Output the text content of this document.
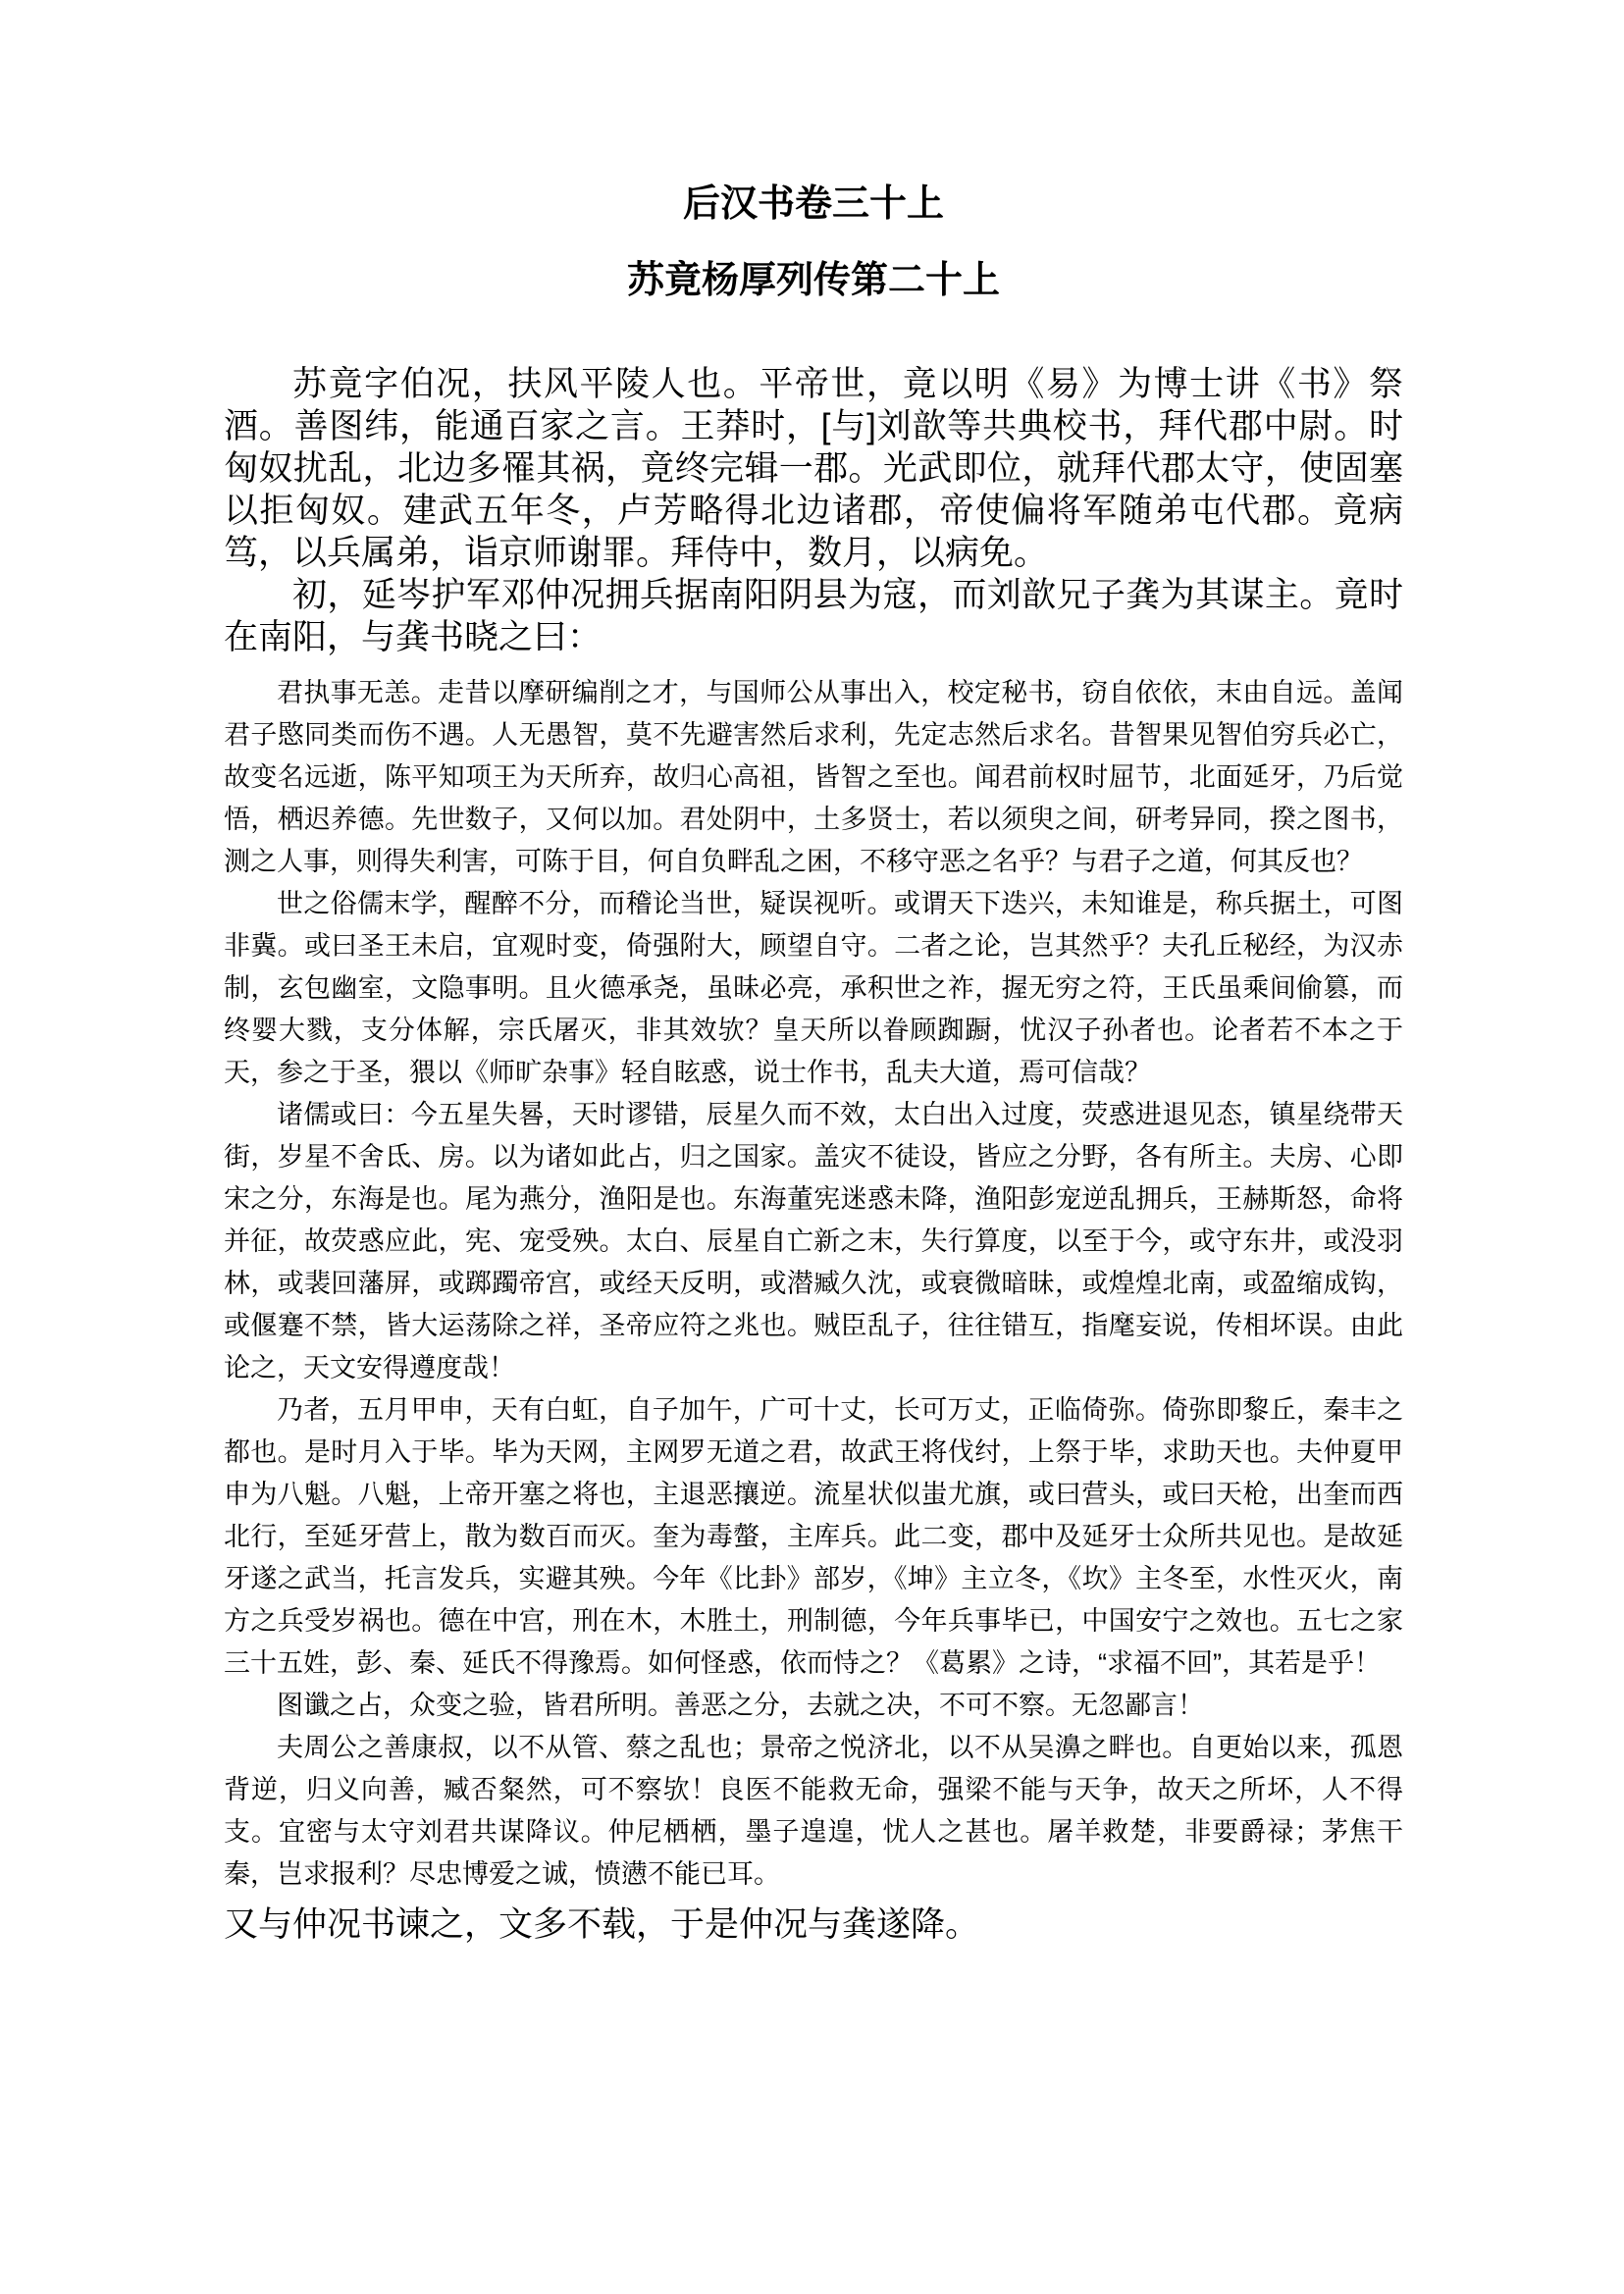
后汉书卷三十上
苏竟杨厚列传第二十上

苏竟字伯况，扶风平陵人也。平帝世，竟以明《易》为博士讲《书》祭酒。善图纬，能通百家之言。王莽时，[与]刘歆等共典校书，拜代郡中尉。时匈奴扰乱，北边多罹其祸，竟终完辑一郡。光武即位，就拜代郡太守，使固塞以拒匈奴。建武五年冬，卢芳略得北边诸郡，帝使偏将军随弟屯代郡。竟病笃，以兵属弟，诣京师谢罪。拜侍中，数月，以病免。

初，延岑护军邓仲况拥兵据南阳阴县为寇，而刘歆兄子龚为其谋主。竟时在南阳，与龚书晓之曰：

君执事无恙。走昔以摩研编削之才，与国师公从事出入，校定秘书，窃自依依，末由自远。盖闻君子愍同类而伤不遇。人无愚智，莫不先避害然后求利，先定志然后求名。昔智果见智伯穷兵必亡，故变名远逝，陈平知项王为天所弃，故归心高祖，皆智之至也。闻君前权时屈节，北面延牙，乃后觉悟，栖迟养德。先世数子，又何以加。君处阴中，土多贤士，若以须臾之间，研考异同，揆之图书，测之人事，则得失利害，可陈于目，何自负畔乱之困，不移守恶之名乎？与君子之道，何其反也？

世之俗儒末学，醒醉不分，而稽论当世，疑误视听。或谓天下迭兴，未知谁是，称兵据土，可图非冀。或曰圣王未启，宜观时变，倚强附大，顾望自守。二者之论，岂其然乎？夫孔丘秘经，为汉赤制，玄包幽室，文隐事明。且火德承尧，虽昧必亮，承积世之祚，握无穷之符，王氏虽乘间偷篡，而终婴大戮，支分体解，宗氏屠灭，非其效欤？皇天所以眷顾踟蹰，忧汉子孙者也。论者若不本之于天，参之于圣，猥以《师旷杂事》轻自眩惑，说士作书，乱夫大道，焉可信哉？

诸儒或曰：今五星失晷，天时谬错，辰星久而不效，太白出入过度，荧惑进退见态，镇星绕带天街，岁星不舍氐、房。以为诸如此占，归之国家。盖灾不徒设，皆应之分野，各有所主。夫房、心即宋之分，东海是也。尾为燕分，渔阳是也。东海董宪迷惑未降，渔阳彭宠逆乱拥兵，王赫斯怒，命将并征，故荧惑应此，宪、宠受殃。太白、辰星自亡新之末，失行算度，以至于今，或守东井，或没羽林，或裴回藩屏，或踯躅帝宫，或经天反明，或潜臧久沈，或衰微暗昧，或煌煌北南，或盈缩成钩，或偃蹇不禁，皆大运荡除之祥，圣帝应符之兆也。贼臣乱子，往往错互，指麾妄说，传相坏误。由此论之，天文安得遵度哉！

乃者，五月甲申，天有白虹，自子加午，广可十丈，长可万丈，正临倚弥。倚弥即黎丘，秦丰之都也。是时月入于毕。毕为天网，主网罗无道之君，故武王将伐纣，上祭于毕，求助天也。夫仲夏甲申为八魁。八魁，上帝开塞之将也，主退恶攘逆。流星状似蚩尤旗，或曰营头，或曰天枪，出奎而西北行，至延牙营上，散为数百而灭。奎为毒螫，主库兵。此二变，郡中及延牙士众所共见也。是故延牙遂之武当，托言发兵，实避其殃。今年《比卦》部岁，《坤》主立冬，《坎》主冬至，水性灭火，南方之兵受岁祸也。德在中宫，刑在木，木胜土，刑制德，今年兵事毕已，中国安宁之效也。五七之家三十五姓，彭、秦、延氏不得豫焉。如何怪惑，依而恃之？《葛累》之诗，“求福不回”，其若是乎！

图谶之占，众变之验，皆君所明。善恶之分，去就之决，不可不察。无忽鄙言！

夫周公之善康叔，以不从管、蔡之乱也；景帝之悦济北，以不从吴濞之畔也。自更始以来，孤恩背逆，归义向善，臧否粲然，可不察欤！良医不能救无命，强梁不能与天争，故天之所坏，人不得支。宜密与太守刘君共谋降议。仲尼栖栖，墨子遑遑，忧人之甚也。屠羊救楚，非要爵禄；茅焦干秦，岂求报利？尽忠博爱之诚，愤懑不能已耳。

又与仲况书谏之，文多不载，于是仲况与龚遂降。
